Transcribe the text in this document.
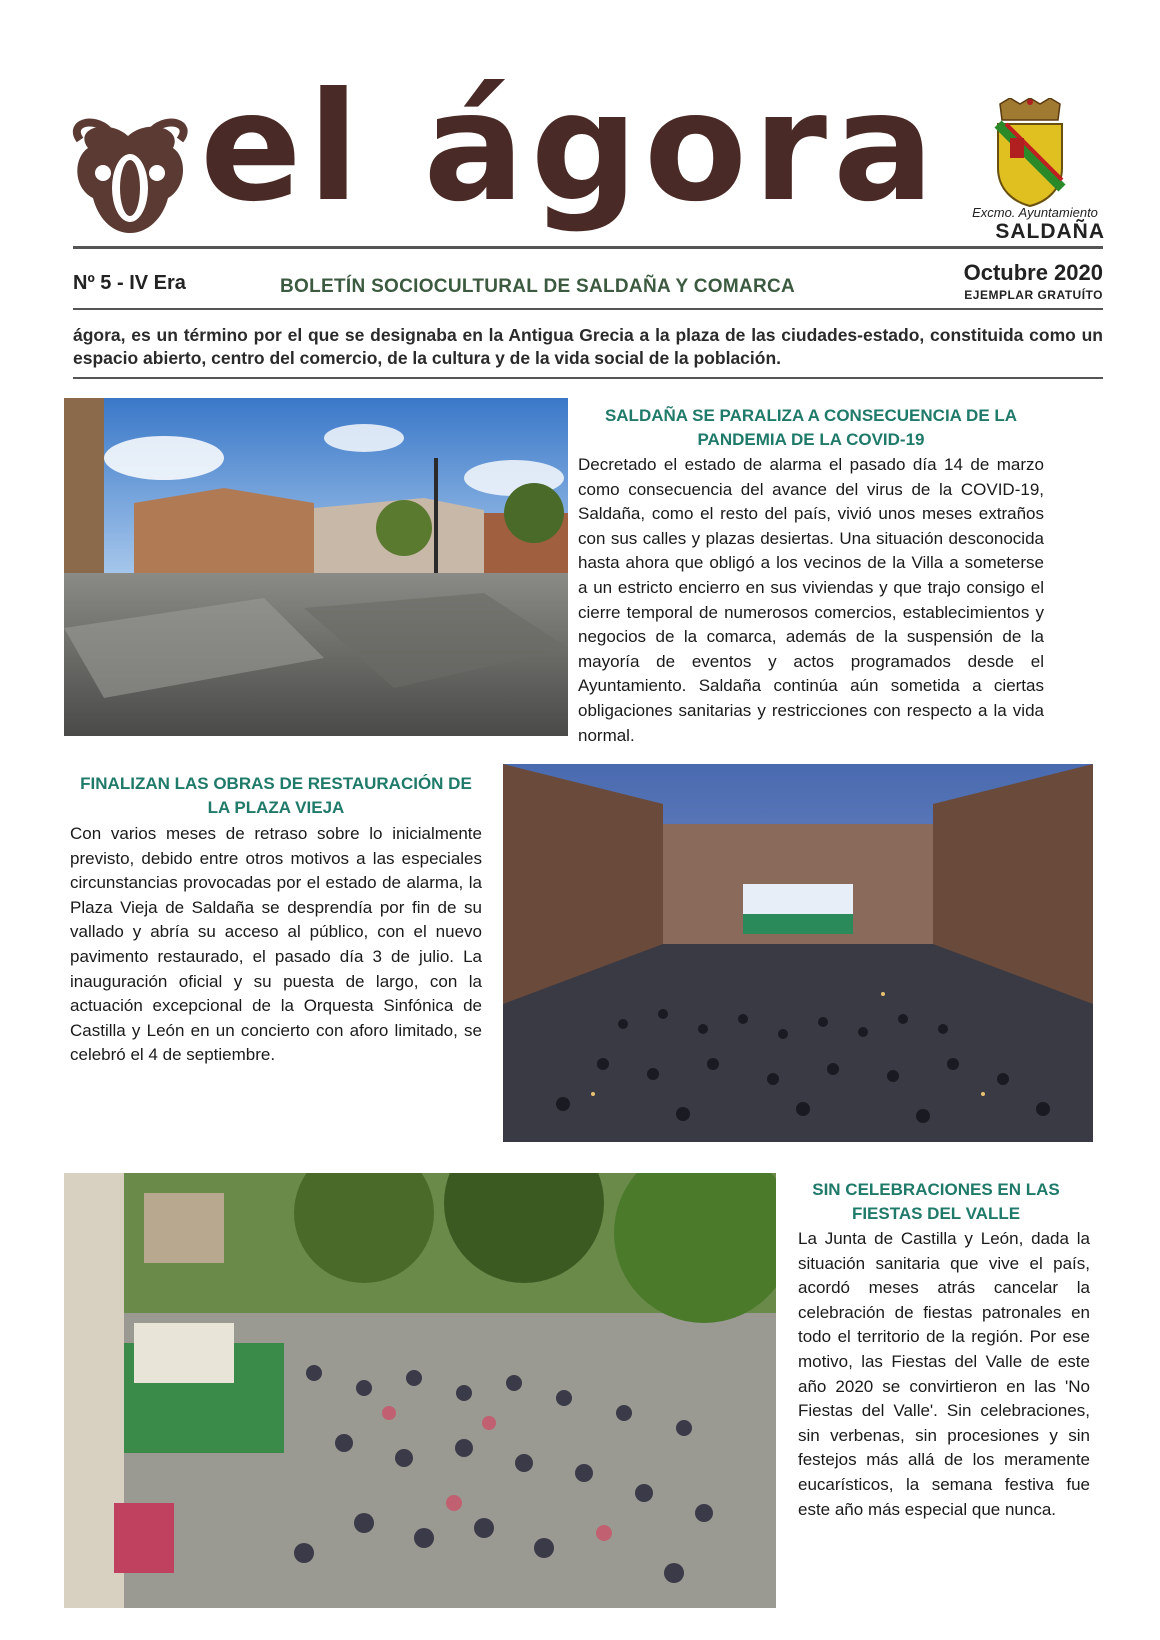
el ágora	Excmo. Ayuntamiento
SALDAÑA
Nº 5 - IV Era	BOLETÍN SOCIOCULTURAL DE SALDAÑA Y COMARCA
Octubre 2020
EJEMPLAR GRATUÍTO
ágora, es un término por el que se designaba en la Antigua Grecia a la plaza de las ciudades-estado, constituida como un espacio abierto, centro del comercio, de la cultura y de la vida social de la población.
SALDAÑA SE PARALIZA A CONSECUENCIA DE LA PANDEMIA DE LA COVID-19
Decretado el estado de alarma el pasado día 14 de marzo como consecuencia del avance del virus de la COVID-19, Saldaña, como el resto del país, vivió unos meses extraños con sus calles y plazas desiertas. Una situación desconocida hasta ahora que obligó a los vecinos de la Villa a someterse a un estricto encierro en sus viviendas y que trajo consigo el cierre temporal de numerosos comercios, establecimientos y negocios de la comarca, además de la suspensión de la mayoría de eventos y actos programados desde el Ayuntamiento. Saldaña continúa aún sometida a ciertas obligaciones sanitarias y restricciones con respecto a la vida normal.
FINALIZAN LAS OBRAS DE RESTAURACIÓN DE LA PLAZA VIEJA
Con varios meses de retraso sobre lo inicialmente previsto, debido entre otros motivos a las especiales circunstancias provocadas por el estado de alarma, la Plaza Vieja de Saldaña se desprendía por fin de su vallado y abría su acceso al público, con el nuevo pavimento restaurado, el pasado día 3 de julio. La inauguración oficial y su puesta de largo, con la actuación excepcional de la Orquesta Sinfónica de Castilla y León en un concierto con aforo limitado, se celebró el 4 de septiembre.
SIN CELEBRACIONES EN LAS FIESTAS DEL VALLE
La Junta de Castilla y León, dada la situación sanitaria que vive el país, acordó meses atrás cancelar la celebración de fiestas patronales en todo el territorio de la región. Por ese motivo, las Fiestas del Valle de este año 2020 se convirtieron en las 'No Fiestas del Valle'. Sin celebraciones, sin verbenas, sin procesiones y sin festejos más allá de los meramente eucarísticos, la semana festiva fue este año más especial que nunca.
